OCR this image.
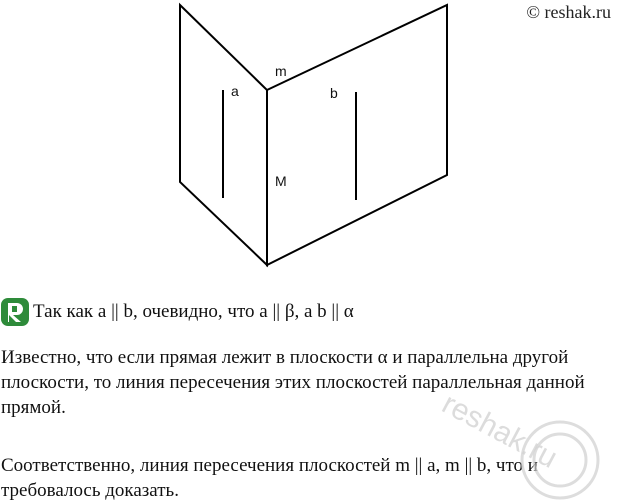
© reshak.ru
a	b
m
M
Так как a || b, очевидно, что a || β, a b || α

Известно, что если прямая лежит в плоскости α и параллельна другой плоскости, то линия пересечения этих плоскостей параллельная данной прямой.

Соответственно, линия пересечения плоскостей m || a, m || b, что и требовалось доказать.

reshak.ru
